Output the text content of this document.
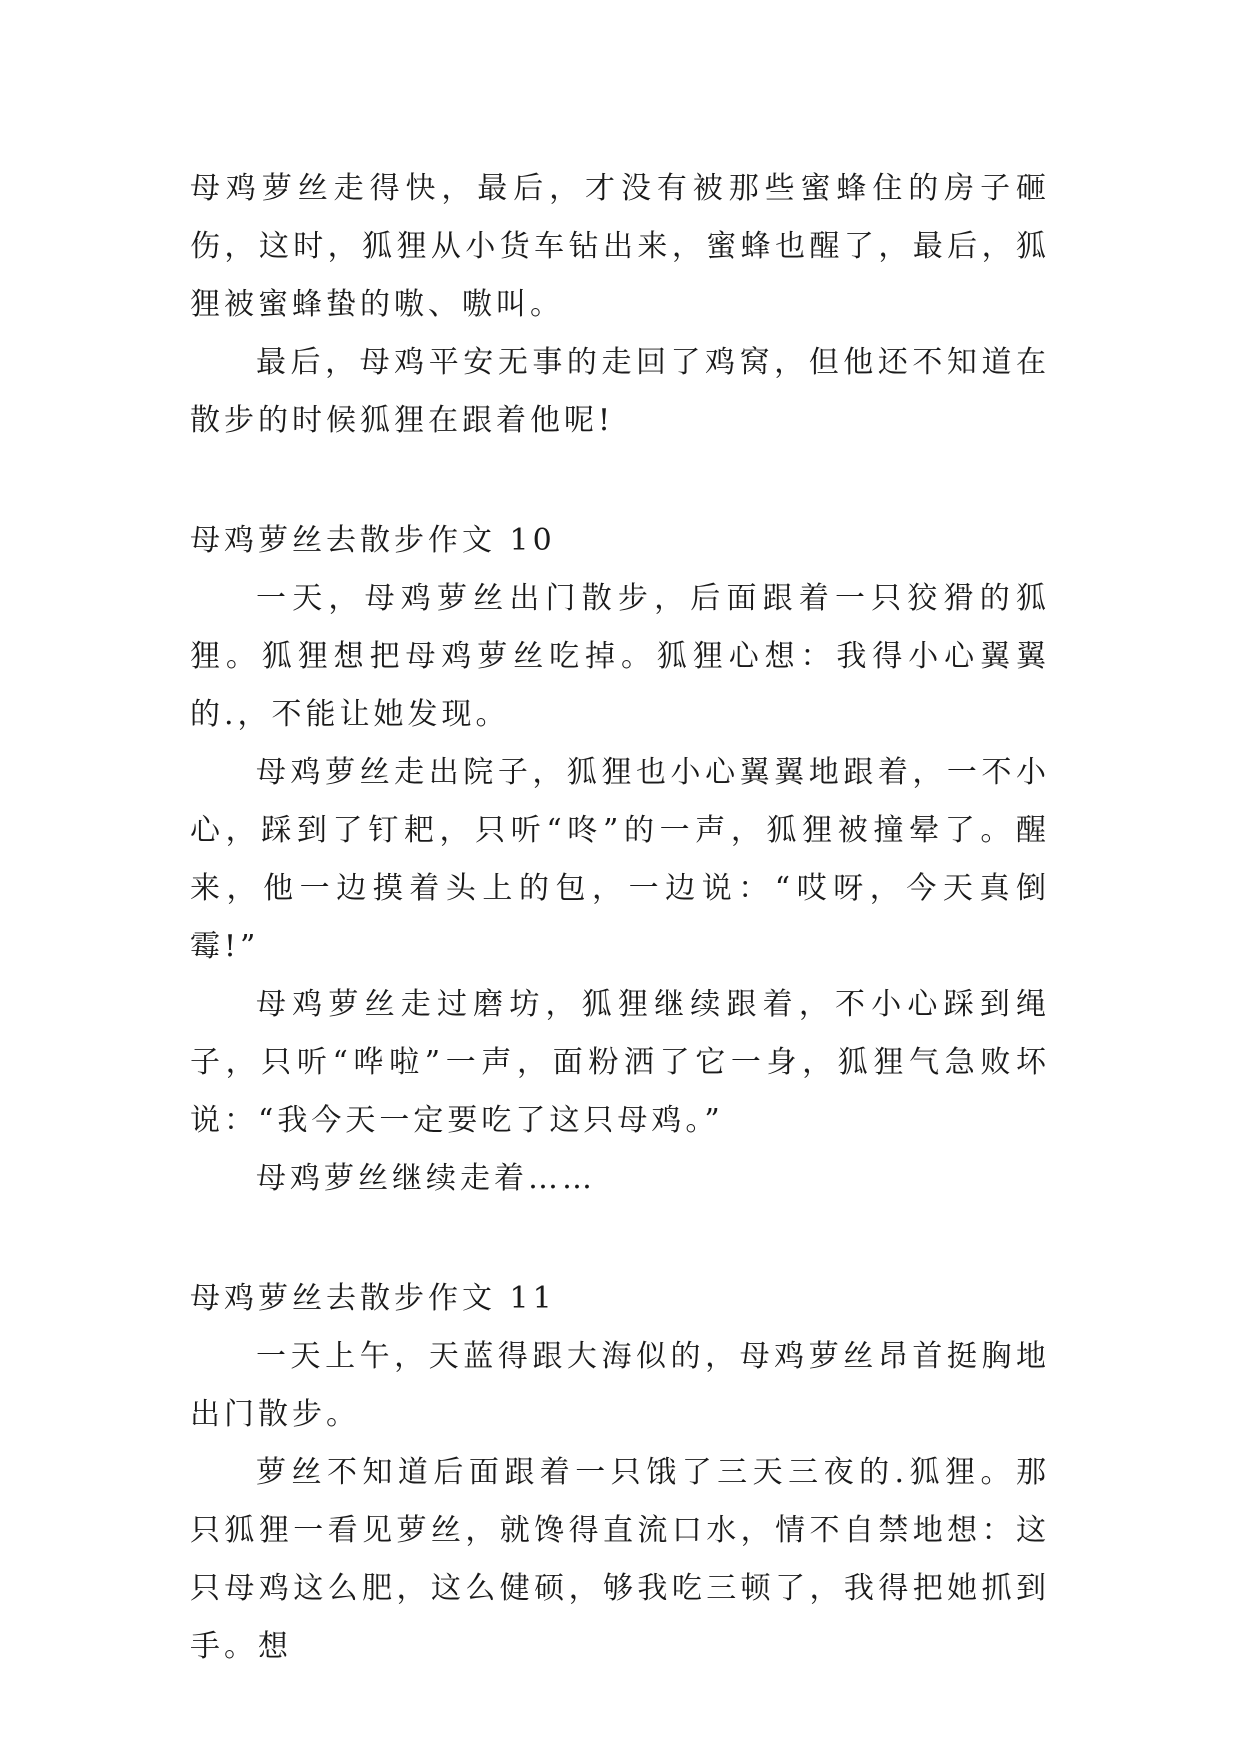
母鸡萝丝走得快，最后，才没有被那些蜜蜂住的房子砸伤，这时，狐狸从小货车钻出来，蜜蜂也醒了，最后，狐狸被蜜蜂蛰的嗷、嗷叫。

最后，母鸡平安无事的走回了鸡窝，但他还不知道在散步的时候狐狸在跟着他呢!

母鸡萝丝去散步作文 10

一天，母鸡萝丝出门散步，后面跟着一只狡猾的狐狸。狐狸想把母鸡萝丝吃掉。狐狸心想：我得小心翼翼的.，不能让她发现。

母鸡萝丝走出院子，狐狸也小心翼翼地跟着，一不小心，踩到了钉耙，只听“咚”的一声，狐狸被撞晕了。醒来，他一边摸着头上的包，一边说：“哎呀，今天真倒霉!”

母鸡萝丝走过磨坊，狐狸继续跟着，不小心踩到绳子，只听“哗啦”一声，面粉洒了它一身，狐狸气急败坏说：“我今天一定要吃了这只母鸡。”

母鸡萝丝继续走着……

母鸡萝丝去散步作文 11

一天上午，天蓝得跟大海似的，母鸡萝丝昂首挺胸地出门散步。

萝丝不知道后面跟着一只饿了三天三夜的.狐狸。那只狐狸一看见萝丝，就馋得直流口水，情不自禁地想：这只母鸡这么肥，这么健硕，够我吃三顿了，我得把她抓到手。想
